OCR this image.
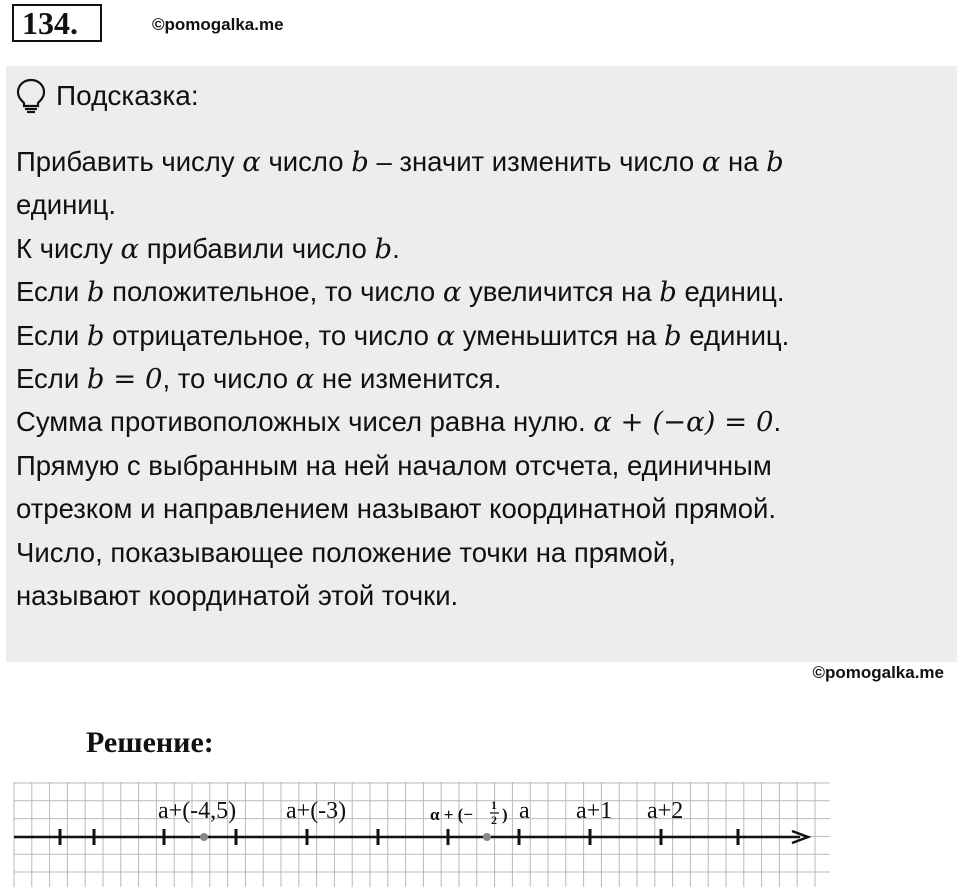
134.	©pomogalka.me
Подсказка:
Прибавить числу α число b – значит изменить число α на b
единиц.
К числу α прибавили число b.
Если b положительное, то число α увеличится на b единиц.
Если b отрицательное, то число α уменьшится на b единиц.
Если b = 0, то число α не изменится.
Сумма противоположных чисел равна нулю. α + (−α) = 0.
Прямую с выбранным на ней началом отсчета, единичным
отрезком и направлением называют координатной прямой.
Число, показывающее положение точки на прямой,
называют координатой этой точки.
©pomogalka.me
Решение:
a+(-4,5) a+(-3)	α + (− 1
2 ) a a+1 a+2
